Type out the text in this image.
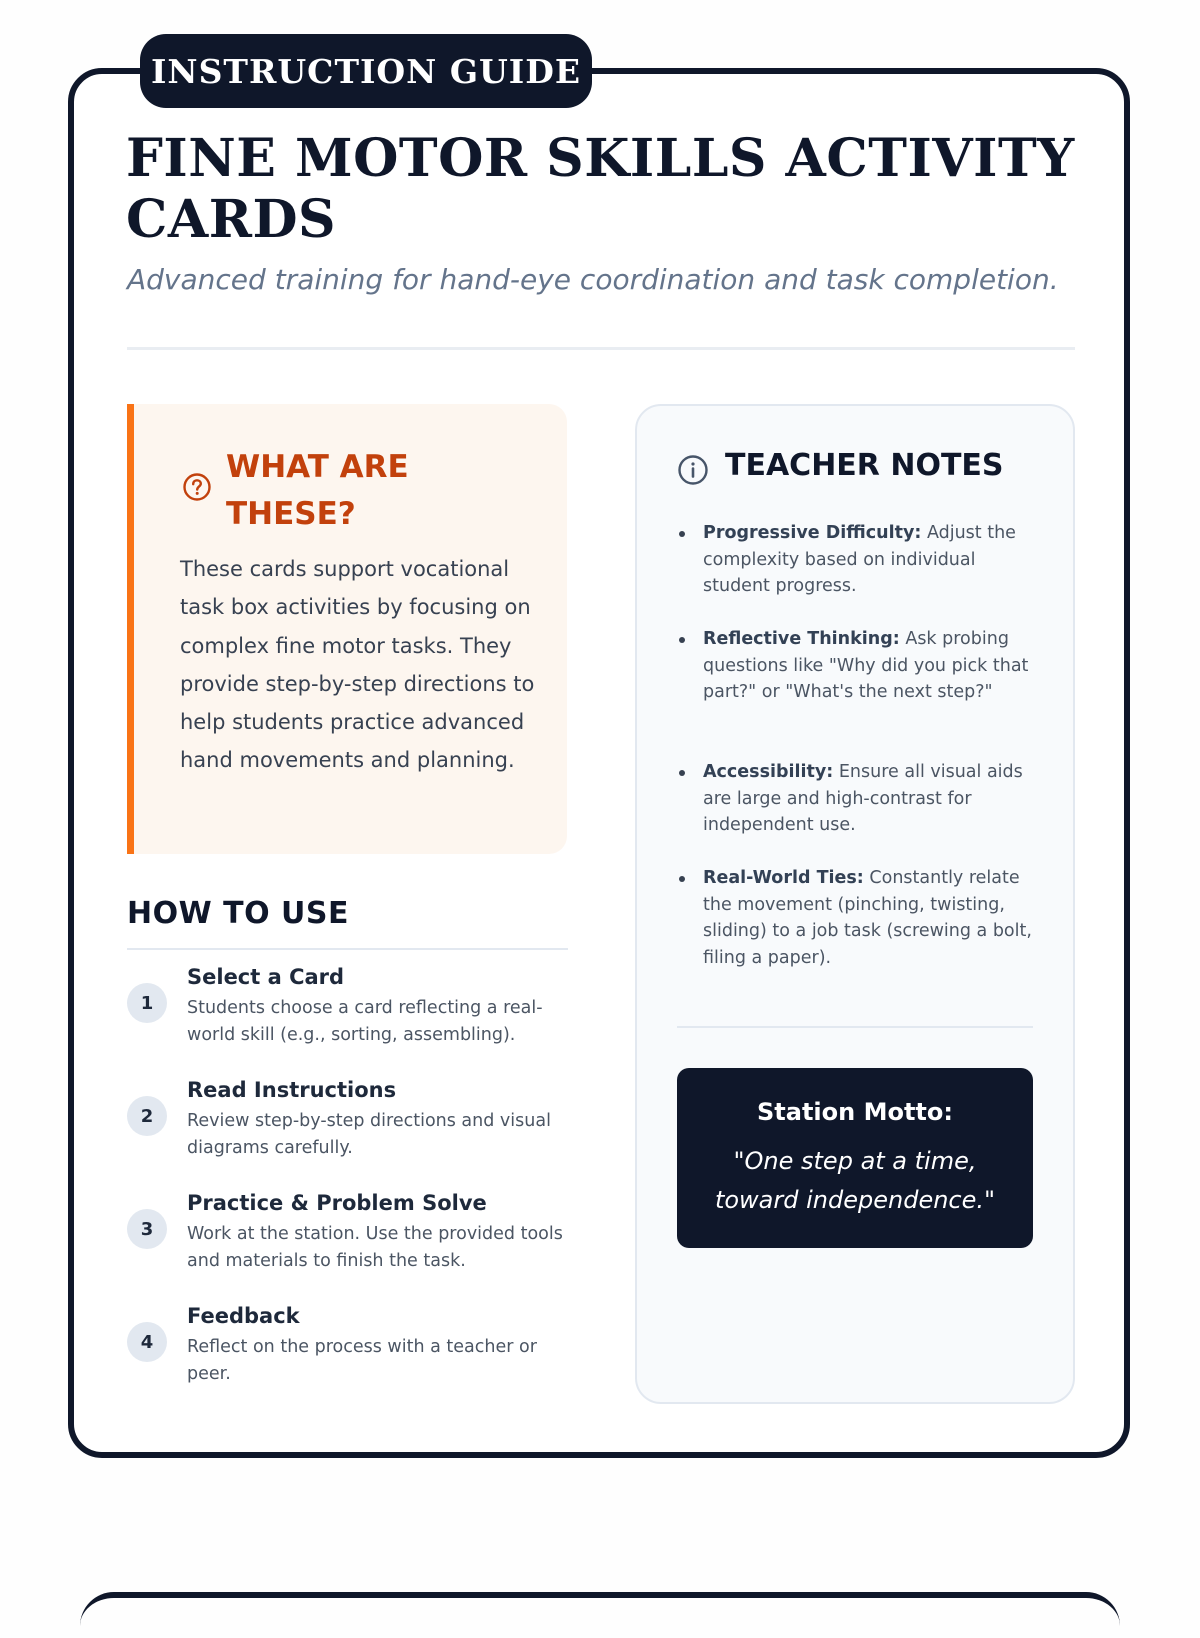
INSTRUCTION GUIDE
FINE MOTOR SKILLS ACTIVITY CARDS
Advanced training for hand-eye coordination and task completion.
WHAT ARE THESE?
These cards support vocational task box activities by focusing on complex fine motor tasks. They provide step-by-step directions to help students practice advanced hand movements and planning.
HOW TO USE
1
Select a Card
Students choose a card reflecting a real-world skill (e.g., sorting, assembling).
2
Read Instructions
Review step-by-step directions and visual diagrams carefully.
3
Practice & Problem Solve
Work at the station. Use the provided tools and materials to finish the task.
4
Feedback
Reflect on the process with a teacher or peer.
TEACHER NOTES
Progressive Difficulty: Adjust the complexity based on individual student progress.
Reflective Thinking: Ask probing questions like "Why did you pick that part?" or "What's the next step?"
Accessibility: Ensure all visual aids are large and high-contrast for independent use.
Real-World Ties: Constantly relate the movement (pinching, twisting, sliding) to a job task (screwing a bolt, filing a paper).
Station Motto:
"One step at a time, toward independence."
